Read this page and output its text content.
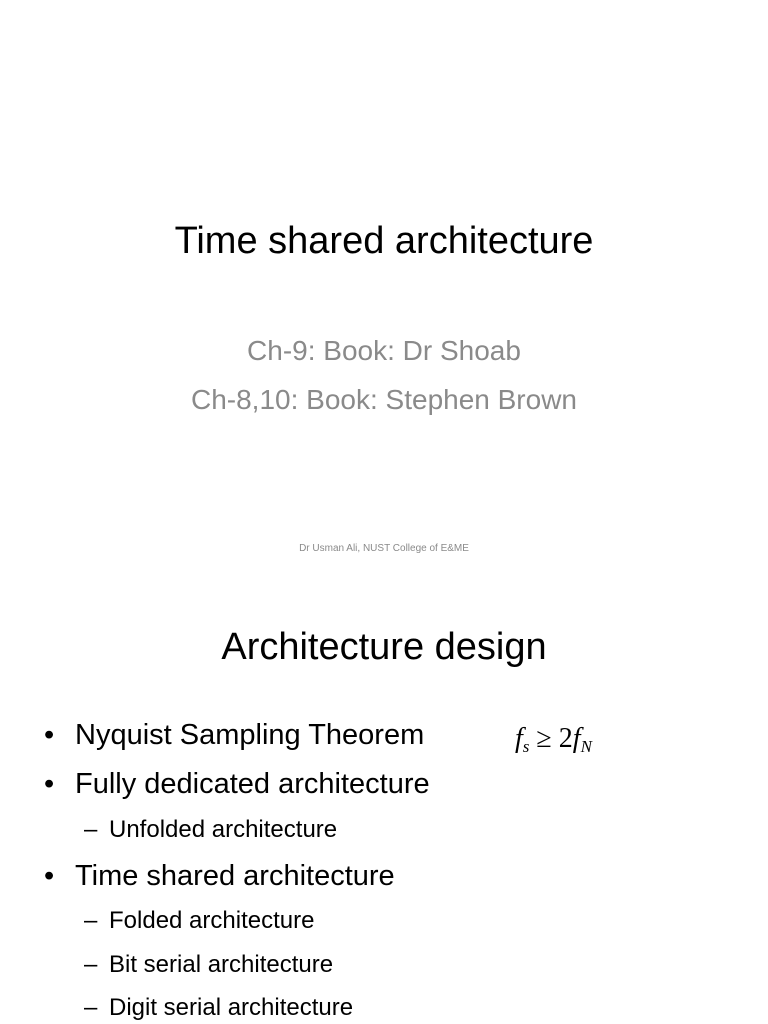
Time shared architecture
Ch-9: Book: Dr Shoab
Ch-8,10: Book: Stephen Brown
Dr Usman Ali, NUST College of E&ME
Architecture design
• Nyquist Sampling Theorem	$f_s \ge 2f_N$
• Fully dedicated architecture
– Unfolded architecture
• Time shared architecture
– Folded architecture
– Bit serial architecture
– Digit serial architecture
